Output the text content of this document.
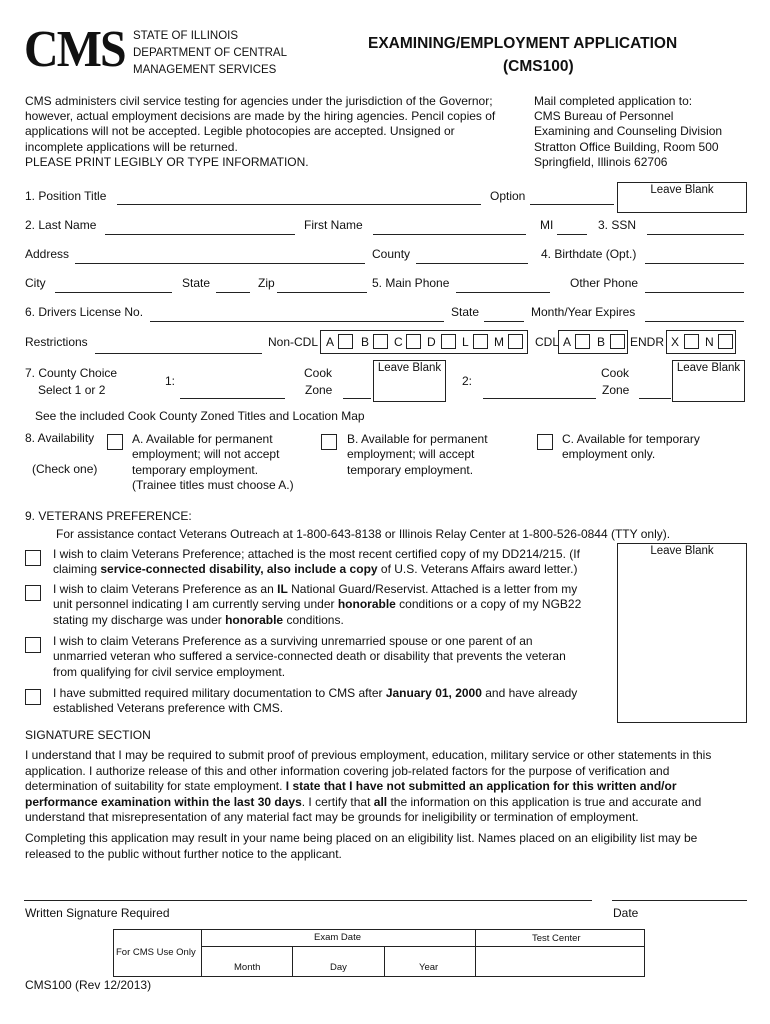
CMS STATE OF ILLINOIS
DEPARTMENT OF CENTRAL
MANAGEMENT SERVICES
EXAMINING/EMPLOYMENT APPLICATION
(CMS100)
CMS administers civil service testing for agencies under the jurisdiction of the Governor;
however, actual employment decisions are made by the hiring agencies. Pencil copies of
applications will not be accepted. Legible photocopies are accepted. Unsigned or
incomplete applications will be returned.
PLEASE PRINT LEGIBLY OR TYPE INFORMATION.
Mail completed application to:
CMS Bureau of Personnel
Examining and Counseling Division
Stratton Office Building, Room 500
Springfield, Illinois 62706
1. Position Title	Option	Leave Blank
2. Last Name	First Name	MI	3. SSN
Address	County	4. Birthdate (Opt.)
City	State	Zip	5. Main Phone	Other Phone
6. Drivers License No.	State	Month/Year Expires
Restrictions	Non-CDL A B C D L M	CDL A B ENDR X N
7. County Choice
Select 1 or 2
1:
Cook
Zone
Leave Blank
2:
Cook
Zone
Leave Blank
See the included Cook County Zoned Titles and Location Map
8. Availability
(Check one)
A. Available for permanent
employment; will not accept
temporary employment.
(Trainee titles must choose A.)
B. Available for permanent
employment; will accept
temporary employment.
C. Available for temporary
employment only.
9. VETERANS PREFERENCE:
For assistance contact Veterans Outreach at 1-800-643-8138 or Illinois Relay Center at 1-800-526-0844 (TTY only).
Leave Blank
I wish to claim Veterans Preference; attached is the most recent certified copy of my DD214/215. (If
claiming service-connected disability, also include a copy of U.S. Veterans Affairs award letter.)
I wish to claim Veterans Preference as an IL National Guard/Reservist. Attached is a letter from my
unit personnel indicating I am currently serving under honorable conditions or a copy of my NGB22
stating my discharge was under honorable conditions.
I wish to claim Veterans Preference as a surviving unremarried spouse or one parent of an
unmarried veteran who suffered a service-connected death or disability that prevents the veteran
from qualifying for civil service employment.
I have submitted required military documentation to CMS after January 01, 2000 and have already
established Veterans preference with CMS.
SIGNATURE SECTION
I understand that I may be required to submit proof of previous employment, education, military service or other statements in this
application. I authorize release of this and other information covering job-related factors for the purpose of verification and
determination of suitability for state employment. I state that I have not submitted an application for this written and/or
performance examination within the last 30 days. I certify that all the information on this application is true and accurate and
understand that misrepresentation of any material fact may be grounds for ineligibility or termination of employment.
Completing this application may result in your name being placed on an eligibility list. Names placed on an eligibility list may be
released to the public without further notice to the applicant.
Written Signature Required	Date
For CMS Use Only
Exam Date	Test Center
Month	Day	Year
CMS100 (Rev 12/2013)
